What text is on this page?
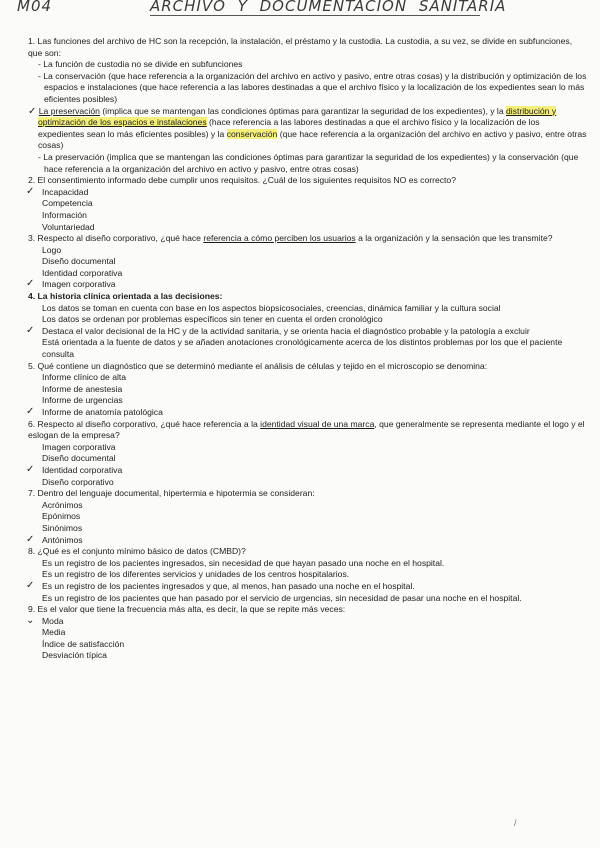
M04	ARCHIVO Y DOCUMENTACION SANITARIA
1. Las funciones del archivo de HC son la recepción, la instalación, el préstamo y la custodia. La custodia, a su vez, se divide en subfunciones, que son:
- La función de custodia no se divide en subfunciones
- La conservación (que hace referencia a la organización del archivo en activo y pasivo, entre otras cosas) y la distribución y optimización de los espacios e instalaciones (que hace referencia a las labores destinadas a que el archivo físico y la localización de los expedientes sean lo más eficientes posibles)
✓ La preservación (implica que se mantengan las condiciones óptimas para garantizar la seguridad de los expedientes), y la distribución y optimización de los espacios e instalaciones (hace referencia a las labores destinadas a que el archivo físico y la localización de los expedientes sean lo más eficientes posibles) y la conservación (que hace referencia a la organización del archivo en activo y pasivo, entre otras cosas)
- La preservación (implica que se mantengan las condiciones óptimas para garantizar la seguridad de los expedientes) y la conservación (que hace referencia a la organización del archivo en activo y pasivo, entre otras cosas)
2. El consentimiento informado debe cumplir unos requisitos. ¿Cuál de los siguientes requisitos NO es correcto?
✓ Incapacidad
Competencia
Información
Voluntariedad
3. Respecto al diseño corporativo, ¿qué hace referencia a cómo perciben los usuarios a la organización y la sensación que les transmite?
Logo
Diseño documental
Identidad corporativa
✓ Imagen corporativa
4. La historia clínica orientada a las decisiones:
Los datos se toman en cuenta con base en los aspectos biopsicosociales, creencias, dinámica familiar y la cultura social
Los datos se ordenan por problemas específicos sin tener en cuenta el orden cronológico
✓ Destaca el valor decisional de la HC y de la actividad sanitaria, y se orienta hacia el diagnóstico probable y la patología a excluir
Está orientada a la fuente de datos y se añaden anotaciones cronológicamente acerca de los distintos problemas por los que el paciente consulta
5. Qué contiene un diagnóstico que se determinó mediante el análisis de células y tejido en el microscopio se denomina:
Informe clínico de alta
Informe de anestesia
Informe de urgencias
✓ Informe de anatomía patológica
6. Respecto al diseño corporativo, ¿qué hace referencia a la identidad visual de una marca, que generalmente se representa mediante el logo y el eslogan de la empresa?
Imagen corporativa
Diseño documental
✓ Identidad corporativa
Diseño corporativo
7. Dentro del lenguaje documental, hipertermia e hipotermia se consideran:
Acrónimos
Epónimos
Sinónimos
✓ Antónimos
8. ¿Qué es el conjunto mínimo básico de datos (CMBD)?
Es un registro de los pacientes ingresados, sin necesidad de que hayan pasado una noche en el hospital.
Es un registro de los diferentes servicios y unidades de los centros hospitalarios.
✓ Es un registro de los pacientes ingresados y que, al menos, han pasado una noche en el hospital.
Es un registro de los pacientes que han pasado por el servicio de urgencias, sin necesidad de pasar una noche en el hospital.
9. Es el valor que tiene la frecuencia más alta, es decir, la que se repite más veces:
⌄ Moda
Media
Índice de satisfacción
Desviación típica
/
